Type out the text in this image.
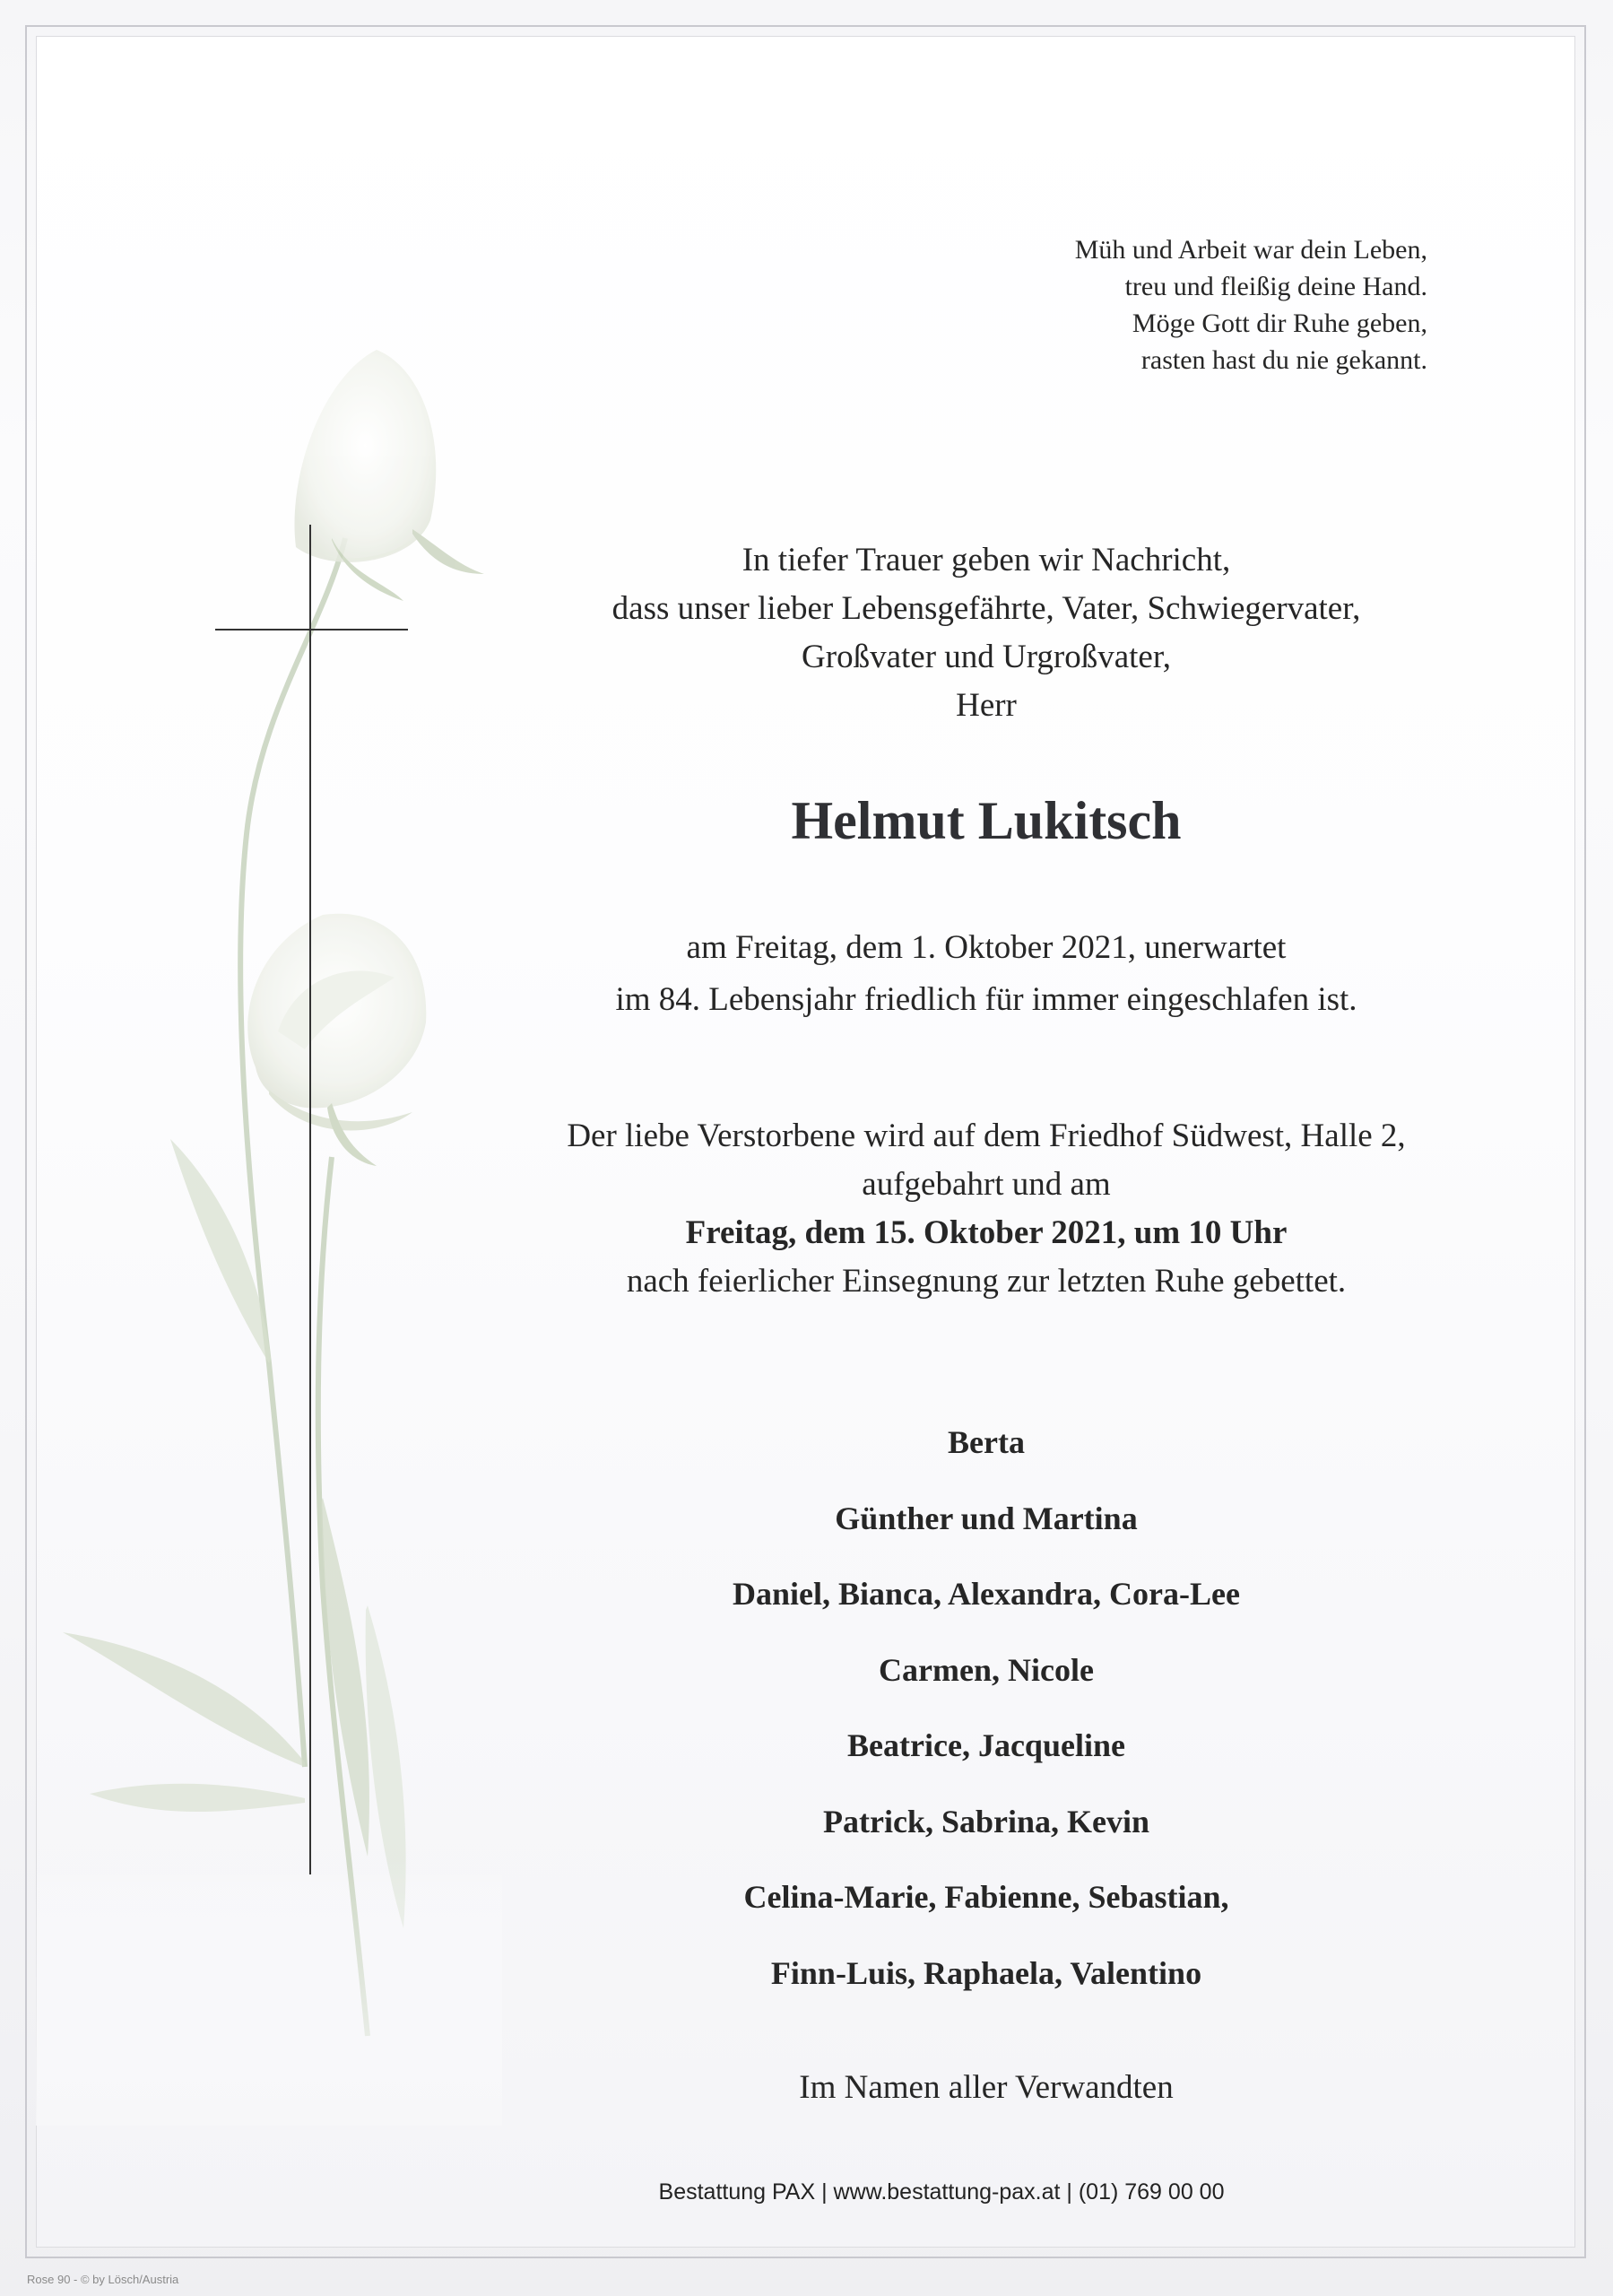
Müh und Arbeit war dein Leben,
treu und fleißig deine Hand.
Möge Gott dir Ruhe geben,
rasten hast du nie gekannt.
In tiefer Trauer geben wir Nachricht,
dass unser lieber Lebensgefährte, Vater, Schwiegervater,
Großvater und Urgroßvater,
Herr
Helmut Lukitsch
am Freitag, dem 1. Oktober 2021, unerwartet
im 84. Lebensjahr friedlich für immer eingeschlafen ist.
Der liebe Verstorbene wird auf dem Friedhof Südwest, Halle 2,
aufgebahrt und am
Freitag, dem 15. Oktober 2021, um 10 Uhr
nach feierlicher Einsegnung zur letzten Ruhe gebettet.
Berta
Günther und Martina
Daniel, Bianca, Alexandra, Cora-Lee
Carmen, Nicole
Beatrice, Jacqueline
Patrick, Sabrina, Kevin
Celina-Marie, Fabienne, Sebastian,
Finn-Luis, Raphaela, Valentino
Im Namen aller Verwandten
Bestattung PAX | www.bestattung-pax.at | (01) 769 00 00
Rose 90 - © by Lösch/Austria
